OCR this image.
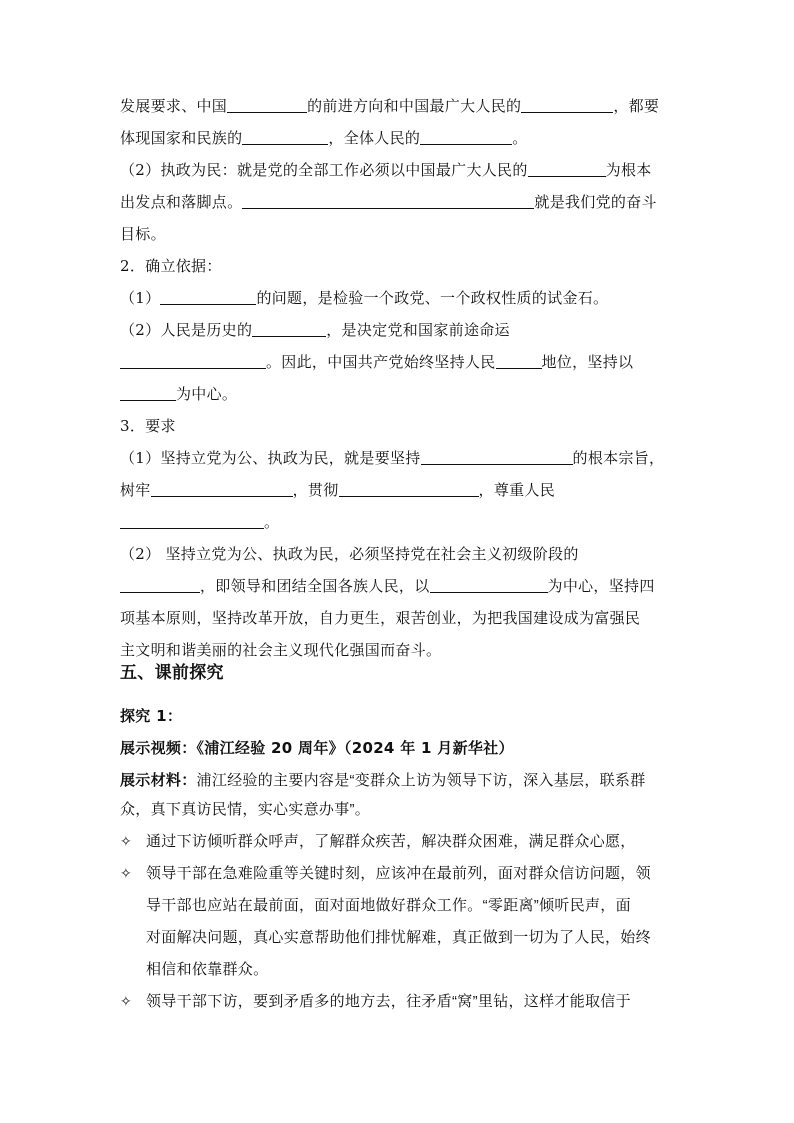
发展要求、中国	的前进方向和中国最广大人民的	，都要
体现国家和民族的	，全体人民的	。
（2）执政为民：就是党的全部工作必须以中国最广大人民的	为根本
出发点和落脚点。	就是我们党的奋斗
目标。
2．确立依据：
（1）	的问题，是检验一个政党、一个政权性质的试金石。
（2）人民是历史的	，是决定党和国家前途命运
。因此，中国共产党始终坚持人民	地位，坚持以
为中心。
3．要求
（1）坚持立党为公、执政为民，就是要坚持	的根本宗旨，
树牢	，贯彻	，尊重人民
。
（2） 坚持立党为公、执政为民，必须坚持党在社会主义初级阶段的
，即领导和团结全国各族人民，以	为中心，坚持四
项基本原则，坚持改革开放，自力更生，艰苦创业，为把我国建设成为富强民
主文明和谐美丽的社会主义现代化强国而奋斗。
五、课前探究
探究 1：
展示视频：《浦江经验 20 周年》（2024 年 1 月新华社）
展示材料：浦江经验的主要内容是“变群众上访为领导下访，深入基层，联系群
众，真下真访民情，实心实意办事”。
✧ 通过下访倾听群众呼声，了解群众疾苦，解决群众困难，满足群众心愿，
✧ 领导干部在急难险重等关键时刻，应该冲在最前列，面对群众信访问题，领
导干部也应站在最前面，面对面地做好群众工作。“零距离”倾听民声，面
对面解决问题，真心实意帮助他们排忧解难，真正做到一切为了人民，始终
相信和依靠群众。
✧ 领导干部下访，要到矛盾多的地方去，往矛盾“窝”里钻，这样才能取信于
